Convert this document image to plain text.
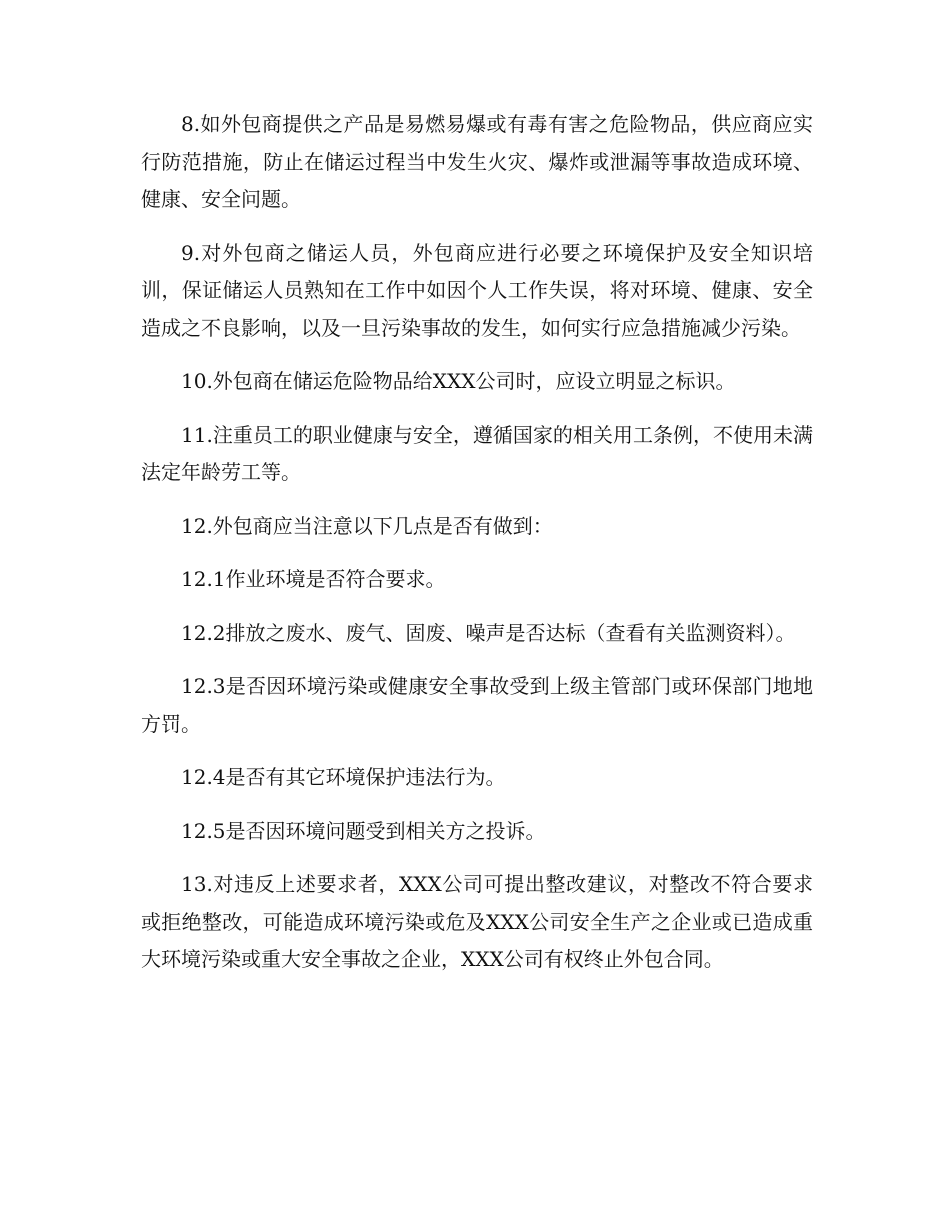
8.如外包商提供之产品是易燃易爆或有毒有害之危险物品，供应商应实行防范措施，防止在储运过程当中发生火灾、爆炸或泄漏等事故造成环境、健康、安全问题。

9.对外包商之储运人员，外包商应进行必要之环境保护及安全知识培训，保证储运人员熟知在工作中如因个人工作失误，将对环境、健康、安全造成之不良影响，以及一旦污染事故的发生，如何实行应急措施减少污染。

10.外包商在储运危险物品给XXX公司时，应设立明显之标识。

11.注重员工的职业健康与安全，遵循国家的相关用工条例，不使用未满法定年龄劳工等。

12.外包商应当注意以下几点是否有做到：

12.1作业环境是否符合要求。

12.2排放之废水、废气、固废、噪声是否达标（查看有关监测资料）。

12.3是否因环境污染或健康安全事故受到上级主管部门或环保部门地地方罚。

12.4是否有其它环境保护违法行为。

12.5是否因环境问题受到相关方之投诉。

13.对违反上述要求者，XXX公司可提出整改建议，对整改不符合要求或拒绝整改，可能造成环境污染或危及XXX公司安全生产之企业或已造成重大环境污染或重大安全事故之企业，XXX公司有权终止外包合同。
